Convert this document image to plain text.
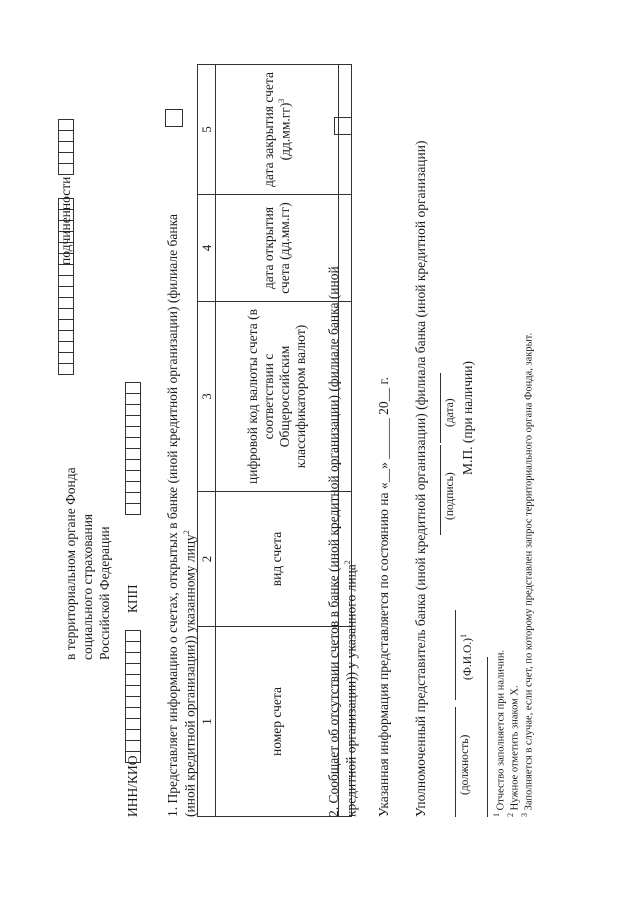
в территориальном органе Фонда социального страхования Российской Федерации
подчиненности
ИНН/КИО
КПП 1. Представляет информацию о счетах, открытых в банке (иной кредитной организации) (филиале банка (иной кредитной организации)) указанному лицу$^2$
1	2	3	4	5
номер счета	вид счета	цифровой код валюты счета (в соответствии с Общероссийским классификатором валют)	дата открытия счета (дд.мм.гг)	дата закрытия счета $(дд.мм.гг)^3$

2. Сообщает об отсутствии счетов в банке (иной кредитной организации) (филиале банка (иной кредитной организации)) у указанного лица$^2$	Указанная информация представляется по состоянию на «__» ______ 20__ г. Уполномоченный представитель банка (иной кредитной организации) (филиала банка (иной кредитной организации)	(должность)
$(Ф.И.О.)^1$
(подпись)
(дата) М.П. (при наличии)
$^1$ Отчество заполняется при наличии.
$^2$ Нужное отметить знаком X.
$^3$ Заполняется в случае, если счет, по которому представлен запрос территориального органа Фонда, закрыт.
